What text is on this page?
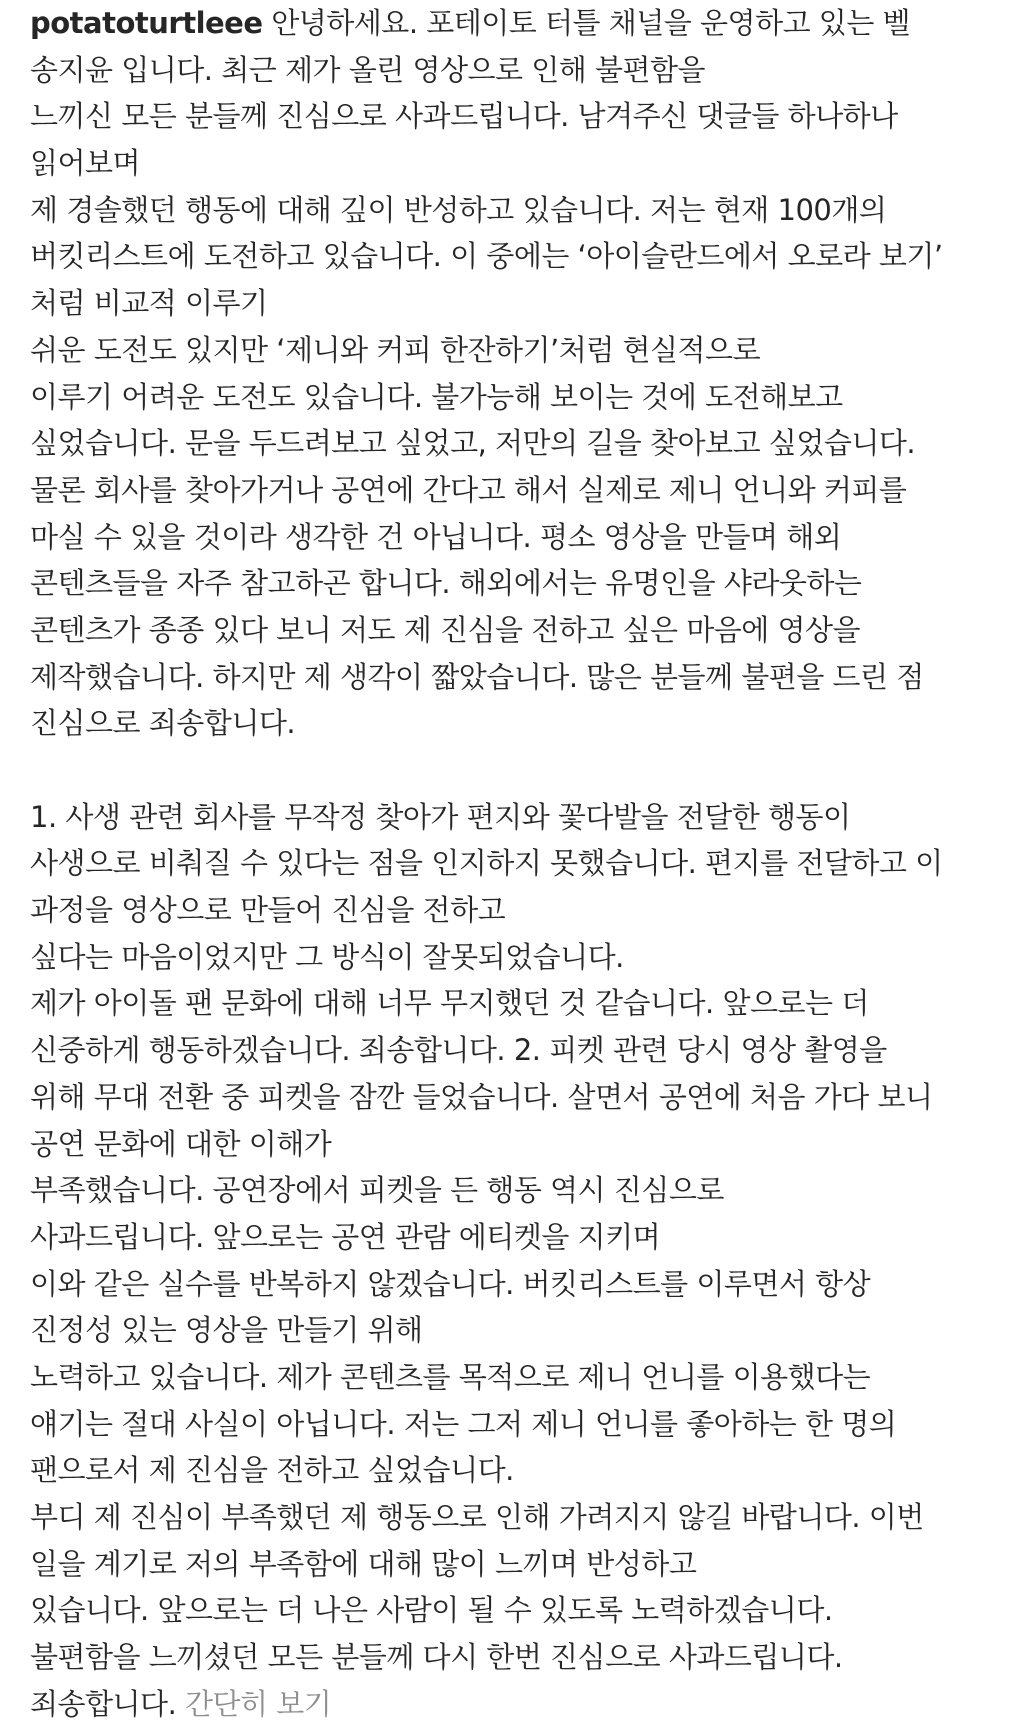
potatoturtleee 안녕하세요. 포테이토 터틀 채널을 운영하고 있는 벨
송지윤 입니다. 최근 제가 올린 영상으로 인해 불편함을
느끼신 모든 분들께 진심으로 사과드립니다. 남겨주신 댓글들 하나하나
읽어보며
제 경솔했던 행동에 대해 깊이 반성하고 있습니다. 저는 현재 100개의
버킷리스트에 도전하고 있습니다. 이 중에는 ‘아이슬란드에서 오로라 보기’
처럼 비교적 이루기
쉬운 도전도 있지만 ‘제니와 커피 한잔하기’처럼 현실적으로
이루기 어려운 도전도 있습니다. 불가능해 보이는 것에 도전해보고
싶었습니다. 문을 두드려보고 싶었고, 저만의 길을 찾아보고 싶었습니다.
물론 회사를 찾아가거나 공연에 간다고 해서 실제로 제니 언니와 커피를
마실 수 있을 것이라 생각한 건 아닙니다. 평소 영상을 만들며 해외
콘텐츠들을 자주 참고하곤 합니다. 해외에서는 유명인을 샤라웃하는
콘텐츠가 종종 있다 보니 저도 제 진심을 전하고 싶은 마음에 영상을
제작했습니다. 하지만 제 생각이 짧았습니다. 많은 분들께 불편을 드린 점
진심으로 죄송합니다.
1. 사생 관련 회사를 무작정 찾아가 편지와 꽃다발을 전달한 행동이
사생으로 비춰질 수 있다는 점을 인지하지 못했습니다. 편지를 전달하고 이
과정을 영상으로 만들어 진심을 전하고
싶다는 마음이었지만 그 방식이 잘못되었습니다.
제가 아이돌 팬 문화에 대해 너무 무지했던 것 같습니다. 앞으로는 더
신중하게 행동하겠습니다. 죄송합니다. 2. 피켓 관련 당시 영상 촬영을
위해 무대 전환 중 피켓을 잠깐 들었습니다. 살면서 공연에 처음 가다 보니
공연 문화에 대한 이해가
부족했습니다. 공연장에서 피켓을 든 행동 역시 진심으로
사과드립니다. 앞으로는 공연 관람 에티켓을 지키며
이와 같은 실수를 반복하지 않겠습니다. 버킷리스트를 이루면서 항상
진정성 있는 영상을 만들기 위해
노력하고 있습니다. 제가 콘텐츠를 목적으로 제니 언니를 이용했다는
얘기는 절대 사실이 아닙니다. 저는 그저 제니 언니를 좋아하는 한 명의
팬으로서 제 진심을 전하고 싶었습니다.
부디 제 진심이 부족했던 제 행동으로 인해 가려지지 않길 바랍니다. 이번
일을 계기로 저의 부족함에 대해 많이 느끼며 반성하고
있습니다. 앞으로는 더 나은 사람이 될 수 있도록 노력하겠습니다.
불편함을 느끼셨던 모든 분들께 다시 한번 진심으로 사과드립니다.
죄송합니다. 간단히 보기
